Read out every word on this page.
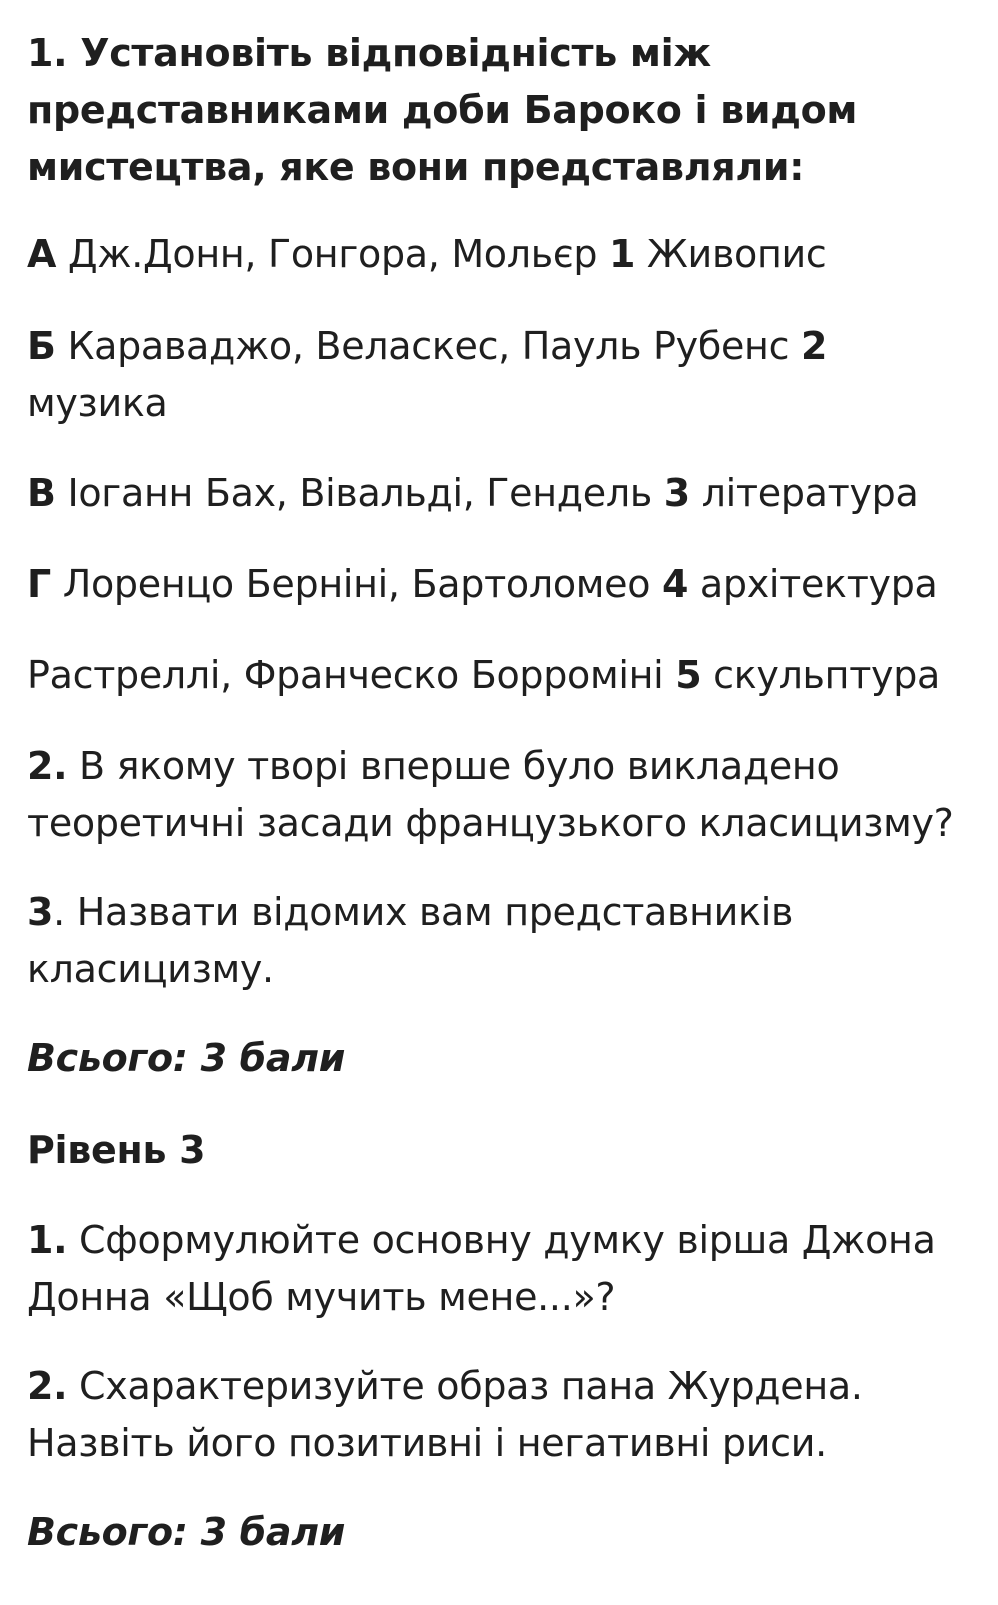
1. Установіть відповідність між представниками доби Бароко і видом мистецтва, яке вони представляли:

А Дж.Донн, Гонгора, Мольєр 1 Живопис

Б Караваджо, Веласкес, Пауль Рубенс 2 музика

В Іоганн Бах, Вівальді, Гендель 3 література

Г Лоренцо Берніні, Бартоломео 4 архітектура

Растреллі, Франческо Борроміні 5 скульптура

2. В якому творі вперше було викладено теоретичні засади французького класицизму?

3. Назвати відомих вам представників класицизму.

Всього: 3 бали

Рівень 3

1. Сформулюйте основну думку вірша Джона Донна «Щоб мучить мене...»?

2. Схарактеризуйте образ пана Журдена. Назвіть його позитивні і негативні риси.

Всього: 3 бали
